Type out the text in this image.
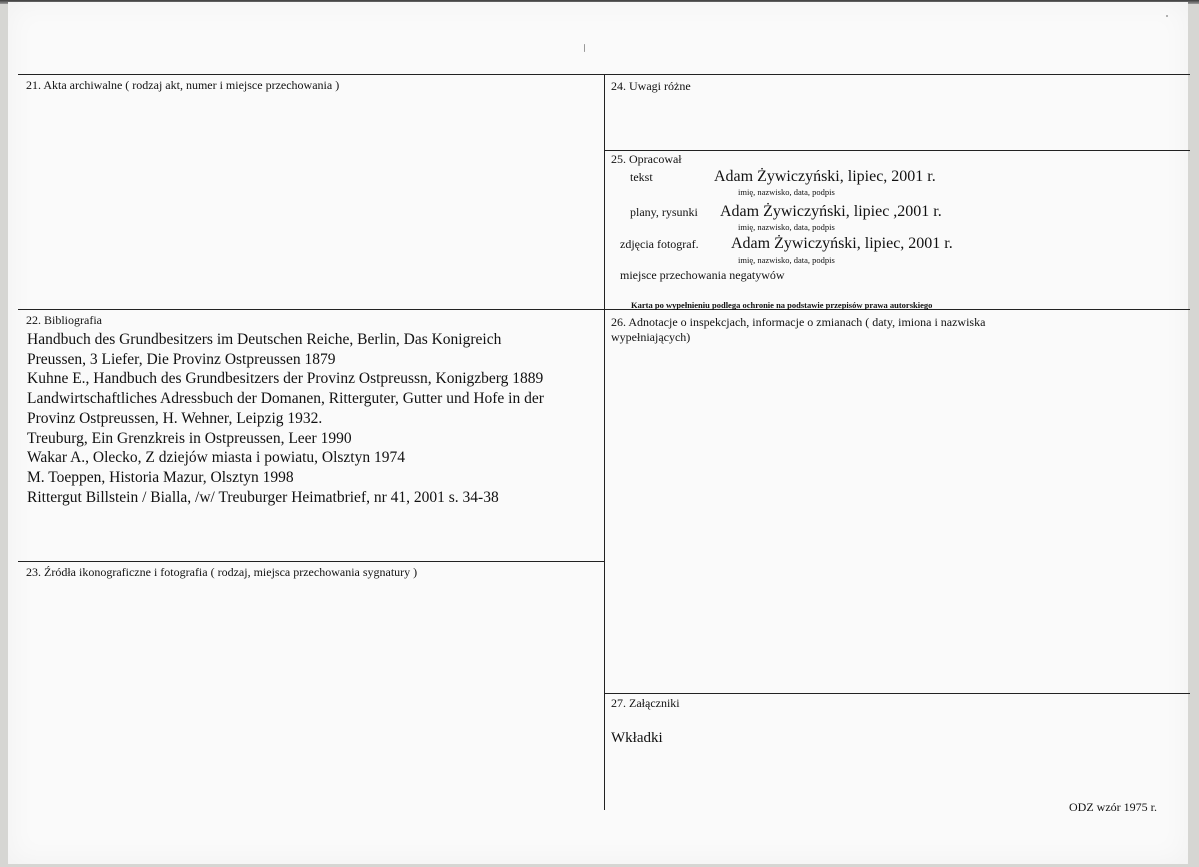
21. Akta archiwalne ( rodzaj akt, numer i miejsce przechowania )	24. Uwagi różne
25. Opracował
tekst	Adam Żywiczyński, lipiec, 2001 r.
imię, nazwisko, data, podpis
plany, rysunki Adam Żywiczyński, lipiec ,2001 r.
imię, nazwisko, data, podpis
zdjęcia fotograf. Adam Żywiczyński, lipiec, 2001 r.
imię, nazwisko, data, podpis
miejsce przechowania negatywów
Karta po wypełnieniu podlega ochronie na podstawie przepisów prawa autorskiego
22. Bibliografia
Handbuch des Grundbesitzers im Deutschen Reiche, Berlin, Das Konigreich
Preussen, 3 Liefer, Die Provinz Ostpreussen 1879
Kuhne E., Handbuch des Grundbesitzers der Provinz Ostpreussn, Konigzberg 1889
Landwirtschaftliches Adressbuch der Domanen, Ritterguter, Gutter und Hofe in der
Provinz Ostpreussen, H. Wehner, Leipzig 1932.
Treuburg, Ein Grenzkreis in Ostpreussen, Leer 1990
Wakar A., Olecko, Z dziejów miasta i powiatu, Olsztyn 1974
M. Toeppen, Historia Mazur, Olsztyn 1998
Rittergut Billstein / Bialla, /w/ Treuburger Heimatbrief, nr 41, 2001 s. 34-38
26. Adnotacje o inspekcjach, informacje o zmianach ( daty, imiona i nazwiska
wypełniających)
23. Źródła ikonograficzne i fotografia ( rodzaj, miejsca przechowania sygnatury )
27. Załączniki
Wkładki
ODZ wzór 1975 r.
